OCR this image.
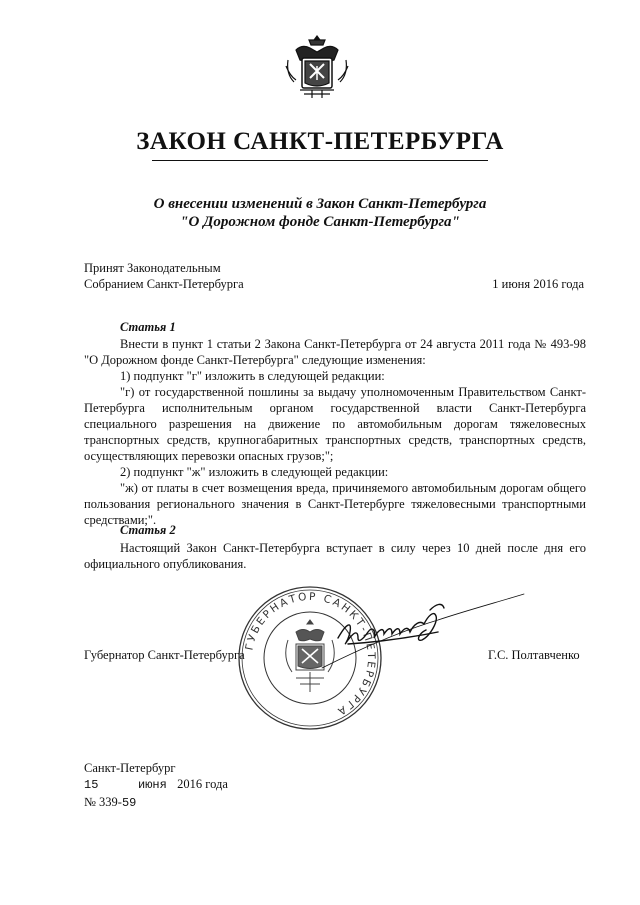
ЗАКОН САНКТ-ПЕТЕРБУРГА
О внесении изменений в Закон Санкт-Петербурга
"О Дорожном фонде Санкт-Петербурга"
Принят Законодательным
Собранием Санкт-Петербурга	1 июня 2016 года
Статья 1

Внести в пункт 1 статьи 2 Закона Санкт-Петербурга от 24 августа 2011 года № 493-98 "О Дорожном фонде Санкт-Петербурга" следующие изменения:

1) подпункт "г" изложить в следующей редакции:

"г) от государственной пошлины за выдачу уполномоченным Правительством Санкт-Петербурга исполнительным органом государственной власти Санкт-Петербурга специального разрешения на движение по автомобильным дорогам тяжеловесных транспортных средств, крупногабаритных транспортных средств, транспортных средств, осуществляющих перевозки опасных грузов;";

2) подпункт "ж" изложить в следующей редакции:

"ж) от платы в счет возмещения вреда, причиняемого автомобильным дорогам общего пользования регионального значения в Санкт-Петербурге тяжеловесными транспортными средствами;".

Статья 2

Настоящий Закон Санкт-Петербурга вступает в силу через 10 дней после дня его официального опубликования.

ГУБЕРНАТОР САНКТ-ПЕТЕРБУРГА
Губернатор Санкт-Петербурга	Г.С. Полтавченко
Санкт-Петербург
15	июня 2016 года
№ 339-59
